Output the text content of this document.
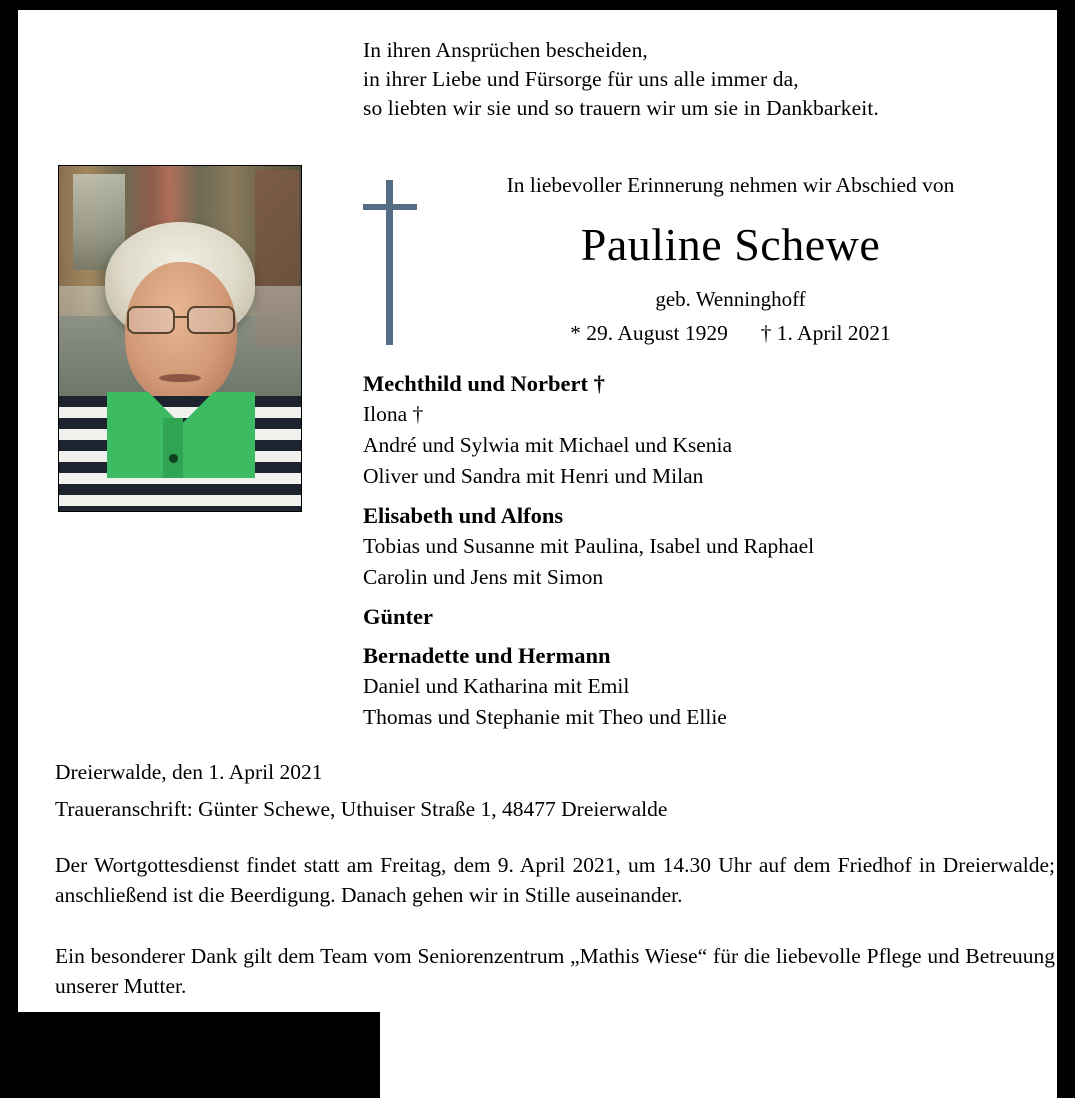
In ihren Ansprüchen bescheiden,
in ihrer Liebe und Fürsorge für uns alle immer da,
so liebten wir sie und so trauern wir um sie in Dankbarkeit.
In liebevoller Erinnerung nehmen wir Abschied von
Pauline Schewe
geb. Wenninghoff
* 29. August 1929 † 1. April 2021
Mechthild und Norbert †
Ilona †
André und Sylwia mit Michael und Ksenia
Oliver und Sandra mit Henri und Milan
Elisabeth und Alfons
Tobias und Susanne mit Paulina, Isabel und Raphael
Carolin und Jens mit Simon
Günter
Bernadette und Hermann
Daniel und Katharina mit Emil
Thomas und Stephanie mit Theo und Ellie
Dreierwalde, den 1. April 2021
Traueranschrift: Günter Schewe, Uthuiser Straße 1, 48477 Dreierwalde
Der Wortgottesdienst findet statt am Freitag, dem 9. April 2021, um 14.30 Uhr auf dem Friedhof in Dreierwalde; anschließend ist die Beerdigung. Danach gehen wir in Stille auseinander.
Ein besonderer Dank gilt dem Team vom Seniorenzentrum „Mathis Wiese“ für die liebevolle Pflege und Betreuung unserer Mutter.
